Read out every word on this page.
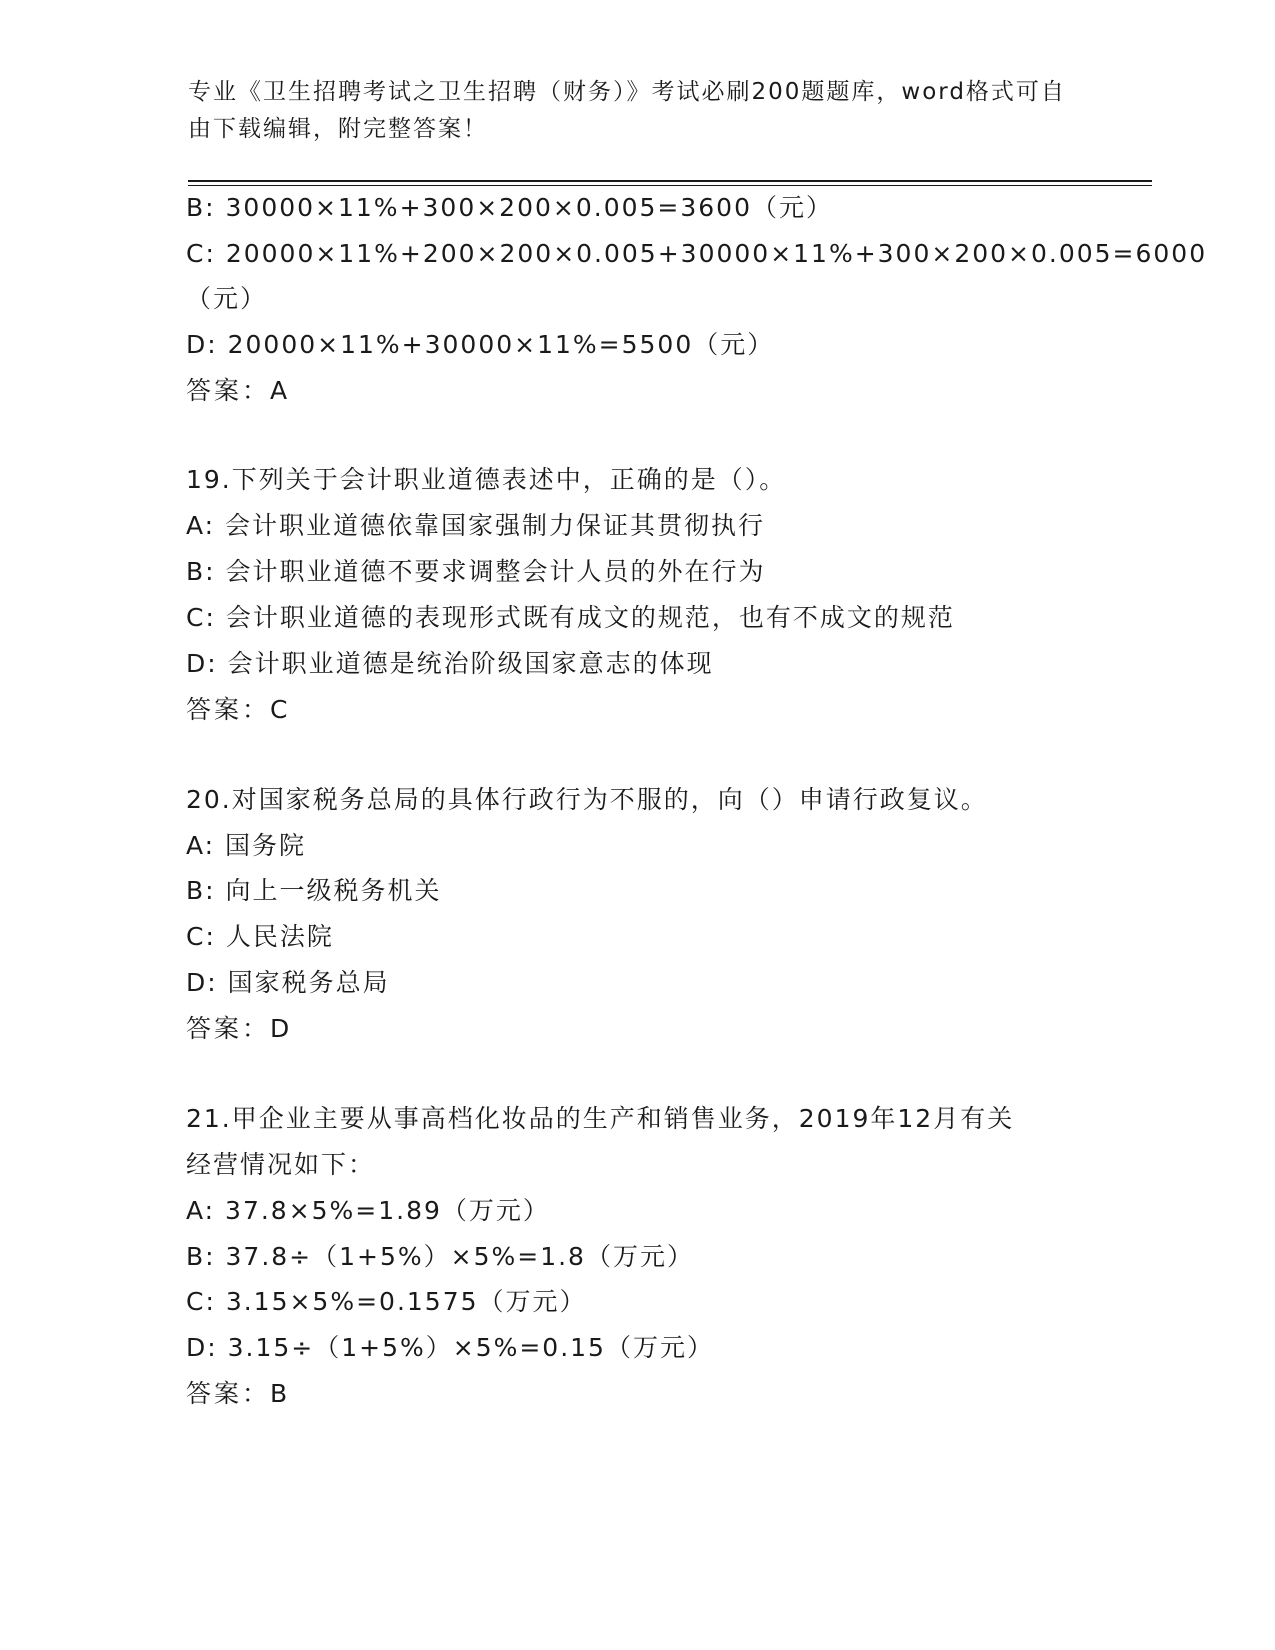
专业《卫生招聘考试之卫生招聘（财务）》考试必刷200题题库，word格式可自
由下载编辑，附完整答案！
B: 30000×11%+300×200×0.005=3600（元）
C: 20000×11%+200×200×0.005+30000×11%+300×200×0.005=6000
（元）
D: 20000×11%+30000×11%=5500（元）
答案：A
19.下列关于会计职业道德表述中，正确的是（）。
A: 会计职业道德依靠国家强制力保证其贯彻执行
B: 会计职业道德不要求调整会计人员的外在行为
C: 会计职业道德的表现形式既有成文的规范，也有不成文的规范
D: 会计职业道德是统治阶级国家意志的体现
答案：C
20.对国家税务总局的具体行政行为不服的，向（）申请行政复议。
A: 国务院
B: 向上一级税务机关
C: 人民法院
D: 国家税务总局
答案：D
21.甲企业主要从事高档化妆品的生产和销售业务，2019年12月有关
经营情况如下：
A: 37.8×5%=1.89（万元）
B: 37.8÷（1+5%）×5%=1.8（万元）
C: 3.15×5%=0.1575（万元）
D: 3.15÷（1+5%）×5%=0.15（万元）
答案：B
